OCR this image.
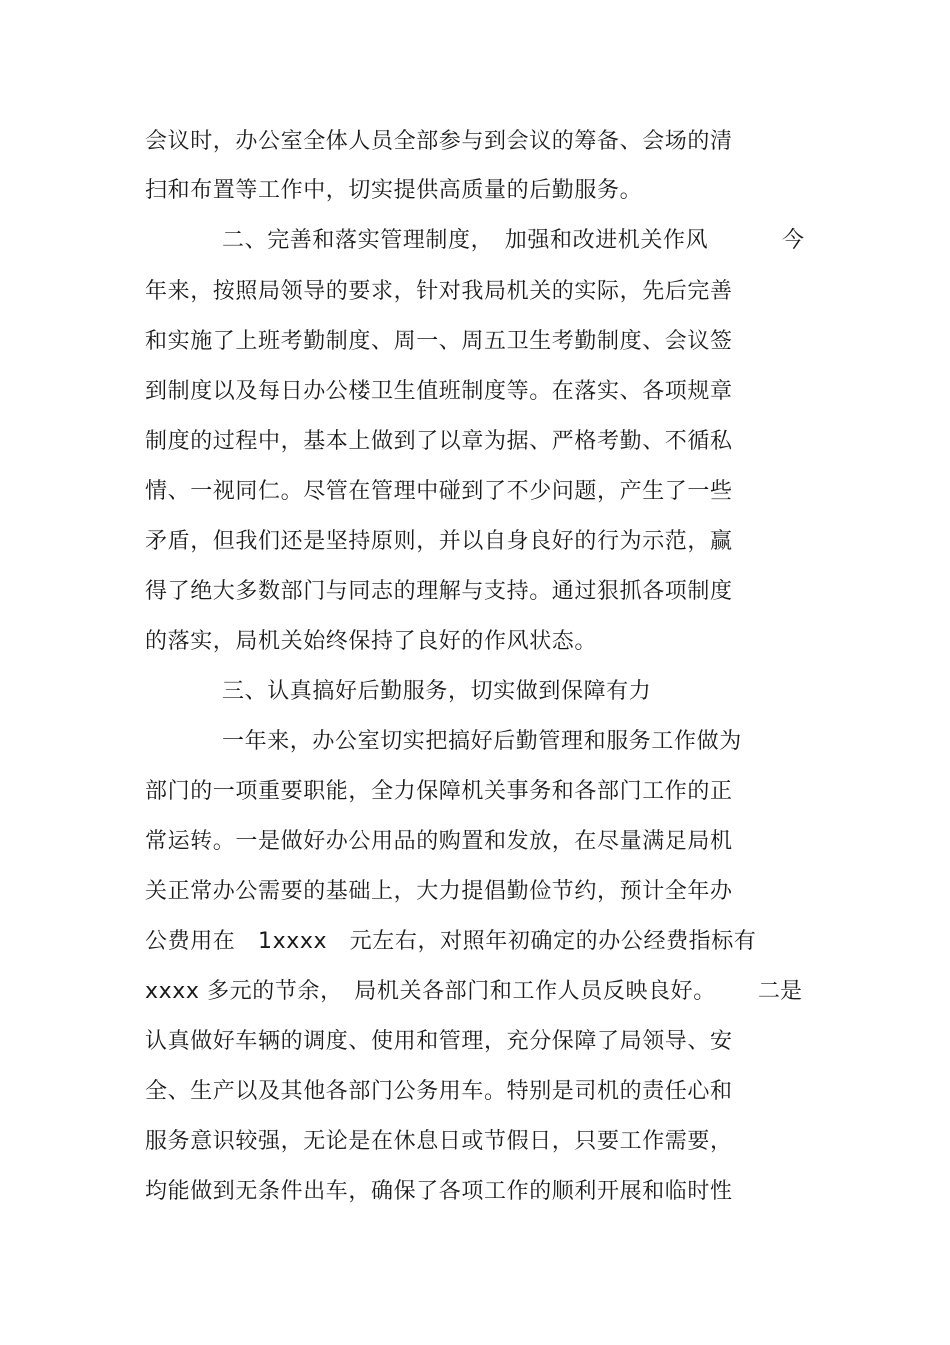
会议时，办公室全体人员全部参与到会议的筹备、会场的清
扫和布置等工作中，切实提供高质量的后勤服务。
二、完善和落实管理制度，　加强和改进机关作风	今
年来，按照局领导的要求，针对我局机关的实际，先后完善
和实施了上班考勤制度、周一、周五卫生考勤制度、会议签
到制度以及每日办公楼卫生值班制度等。在落实、各项规章
制度的过程中，基本上做到了以章为据、严格考勤、不循私
情、一视同仁。尽管在管理中碰到了不少问题，产生了一些
矛盾，但我们还是坚持原则，并以自身良好的行为示范，赢
得了绝大多数部门与同志的理解与支持。通过狠抓各项制度
的落实，局机关始终保持了良好的作风状态。
三、认真搞好后勤服务，切实做到保障有力
一年来，办公室切实把搞好后勤管理和服务工作做为
部门的一项重要职能，全力保障机关事务和各部门工作的正
常运转。一是做好办公用品的购置和发放，在尽量满足局机
关正常办公需要的基础上，大力提倡勤俭节约，预计全年办
公费用在　1xxxx　元左右，对照年初确定的办公经费指标有
xxxx 多元的节余，　局机关各部门和工作人员反映良好。 二是
认真做好车辆的调度、使用和管理，充分保障了局领导、安
全、生产以及其他各部门公务用车。特别是司机的责任心和
服务意识较强，无论是在休息日或节假日，只要工作需要，
均能做到无条件出车，确保了各项工作的顺利开展和临时性
